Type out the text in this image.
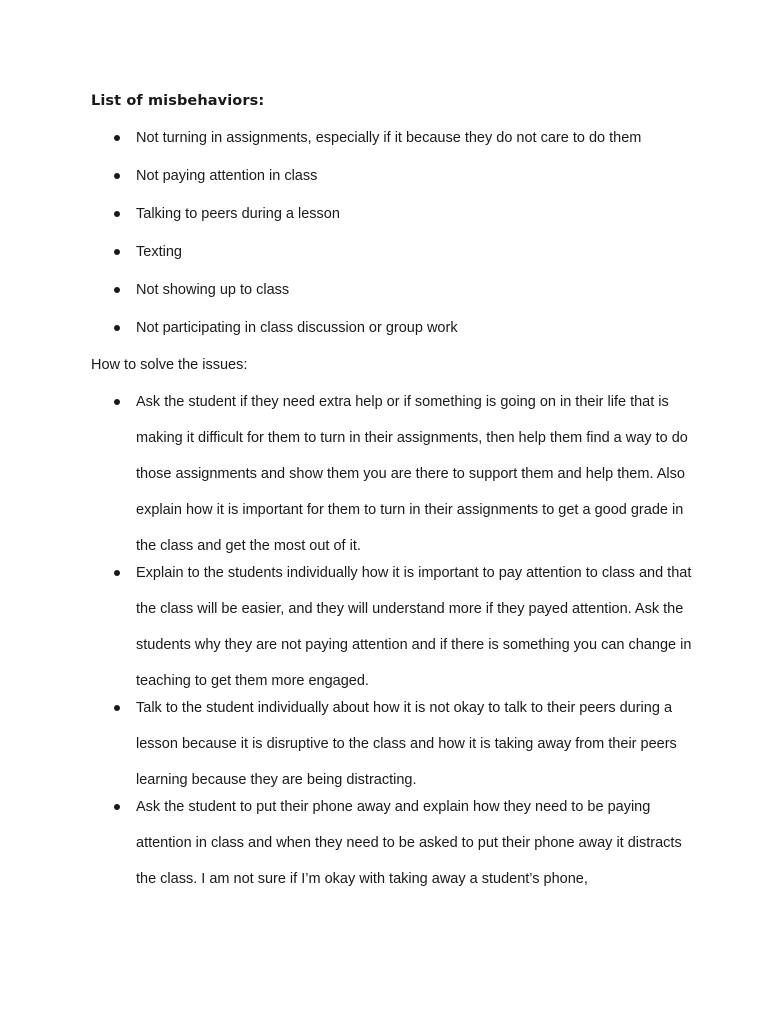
List of misbehaviors:

Not turning in assignments, especially if it because they do not care to do them
Not paying attention in class
Talking to peers during a lesson
Texting
Not showing up to class
Not participating in class discussion or group work

How to solve the issues:

Ask the student if they need extra help or if something is going on in their life that is making it difficult for them to turn in their assignments, then help them find a way to do those assignments and show them you are there to support them and help them. Also explain how it is important for them to turn in their assignments to get a good grade in the class and get the most out of it.
Explain to the students individually how it is important to pay attention to class and that the class will be easier, and they will understand more if they payed attention. Ask the students why they are not paying attention and if there is something you can change in teaching to get them more engaged.
Talk to the student individually about how it is not okay to talk to their peers during a lesson because it is disruptive to the class and how it is taking away from their peers learning because they are being distracting.
Ask the student to put their phone away and explain how they need to be paying attention in class and when they need to be asked to put their phone away it distracts the class. I am not sure if I’m okay with taking away a student’s phone,
